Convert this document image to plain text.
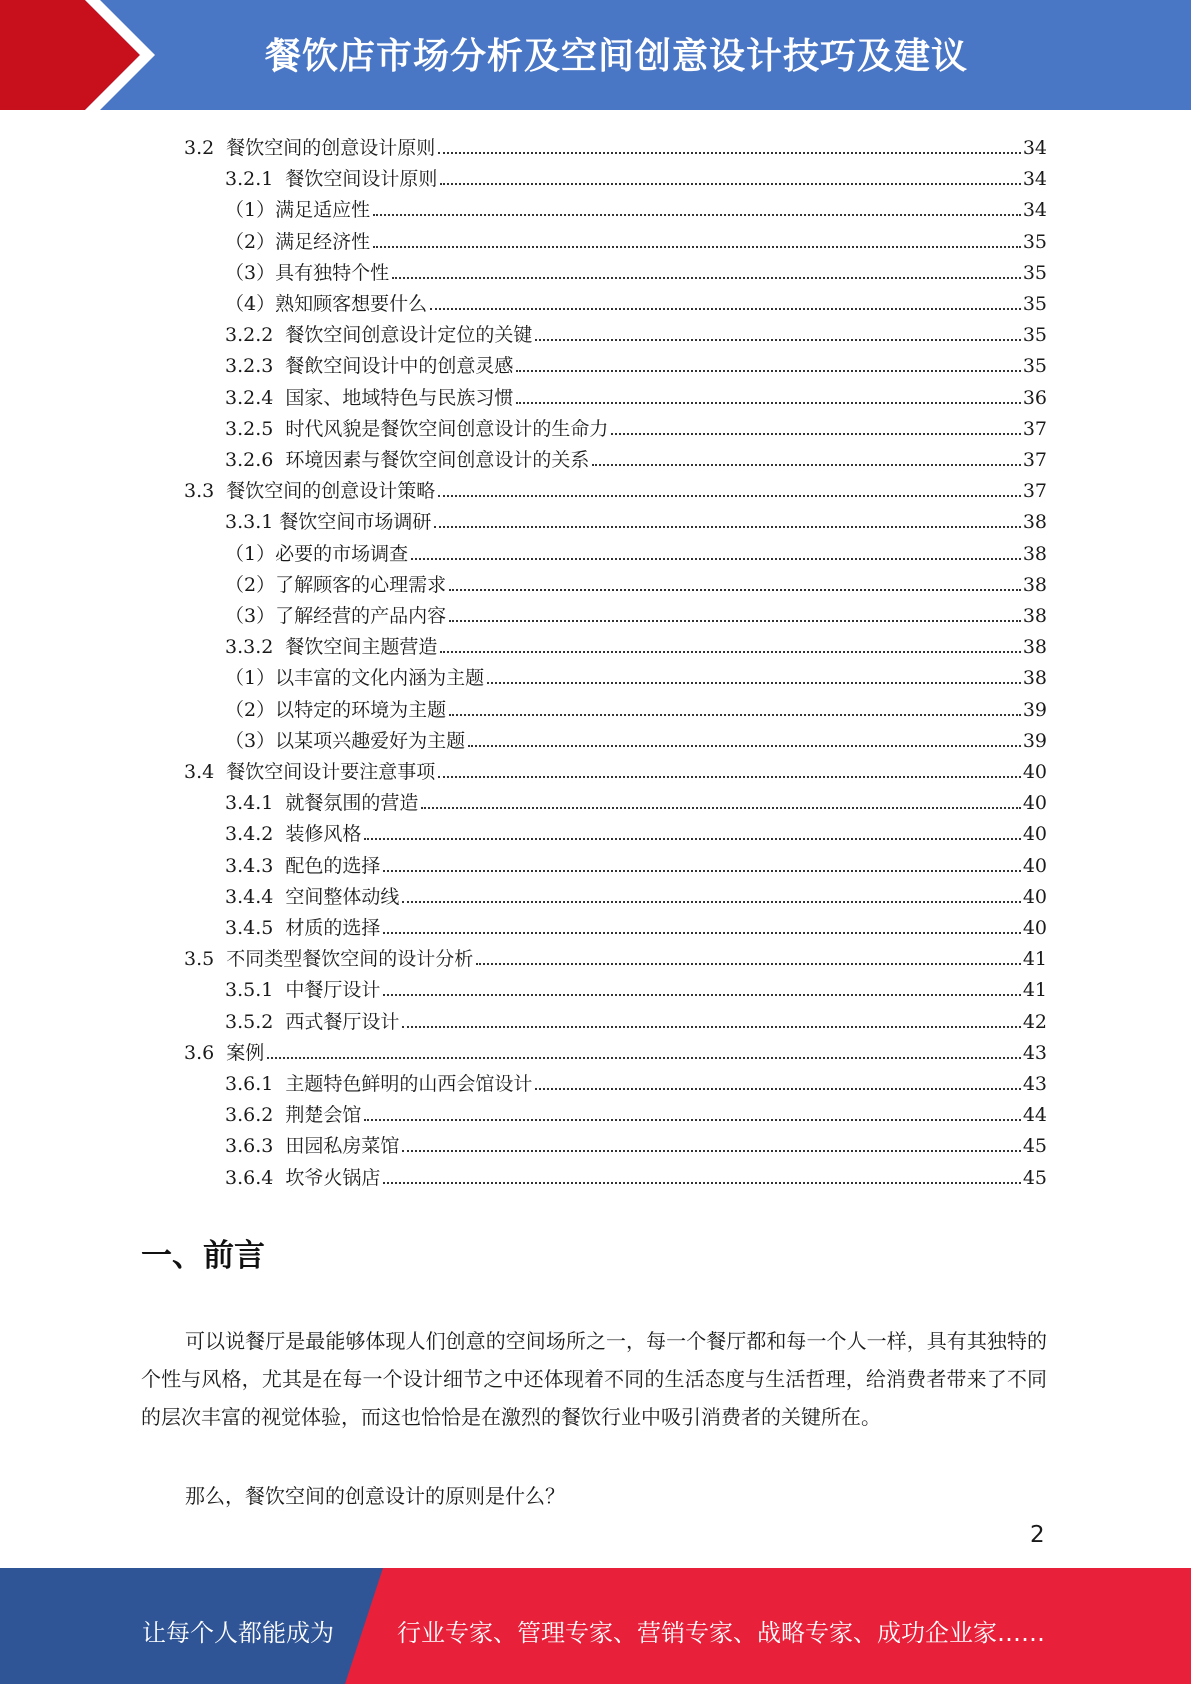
餐饮店市场分析及空间创意设计技巧及建议
3.2 餐饮空间的创意设计原则	34
3.2.1 餐饮空间设计原则	34
（1）满足适应性	34
（2）满足经济性	35
（3）具有独特个性	35
（4）熟知顾客想要什么	35
3.2.2 餐饮空间创意设计定位的关键	35
3.2.3 餐飲空间设计中的创意灵感	35
3.2.4 国家、地域特色与民族习惯	36
3.2.5 时代风貌是餐饮空间创意设计的生命力	37
3.2.6 环境因素与餐饮空间创意设计的关系	37
3.3 餐饮空间的创意设计策略	37
3.3.1 餐饮空间市场调研	38
（1）必要的市场调查	38
（2）了解顾客的心理需求	38
（3）了解经营的产品内容	38
3.3.2 餐饮空间主题营造	38
（1）以丰富的文化内涵为主题	38
（2）以特定的环境为主题	39
（3）以某项兴趣爱好为主题	39
3.4 餐饮空间设计要注意事项	40
3.4.1 就餐氛围的营造	40
3.4.2 装修风格	40
3.4.3 配色的选择	40
3.4.4 空间整体动线	40
3.4.5 材质的选择	40
3.5 不同类型餐饮空间的设计分析	41
3.5.1 中餐厅设计	41
3.5.2 西式餐厅设计	42
3.6 案例	43
3.6.1 主题特色鲜明的山西会馆设计	43
3.6.2 荆楚会馆	44
3.6.3 田园私房菜馆	45
3.6.4 坎爷火锅店	45
一、前言
可以说餐厅是最能够体现人们创意的空间场所之一，每一个餐厅都和每一个人一样，具有其独特的个性与风格，尤其是在每一个设计细节之中还体现着不同的生活态度与生活哲理，给消费者带来了不同的层次丰富的视觉体验，而这也恰恰是在激烈的餐饮行业中吸引消费者的关键所在。
那么，餐饮空间的创意设计的原则是什么？
2
让每个人都能成为	行业专家、管理专家、营销专家、战略专家、成功企业家……
